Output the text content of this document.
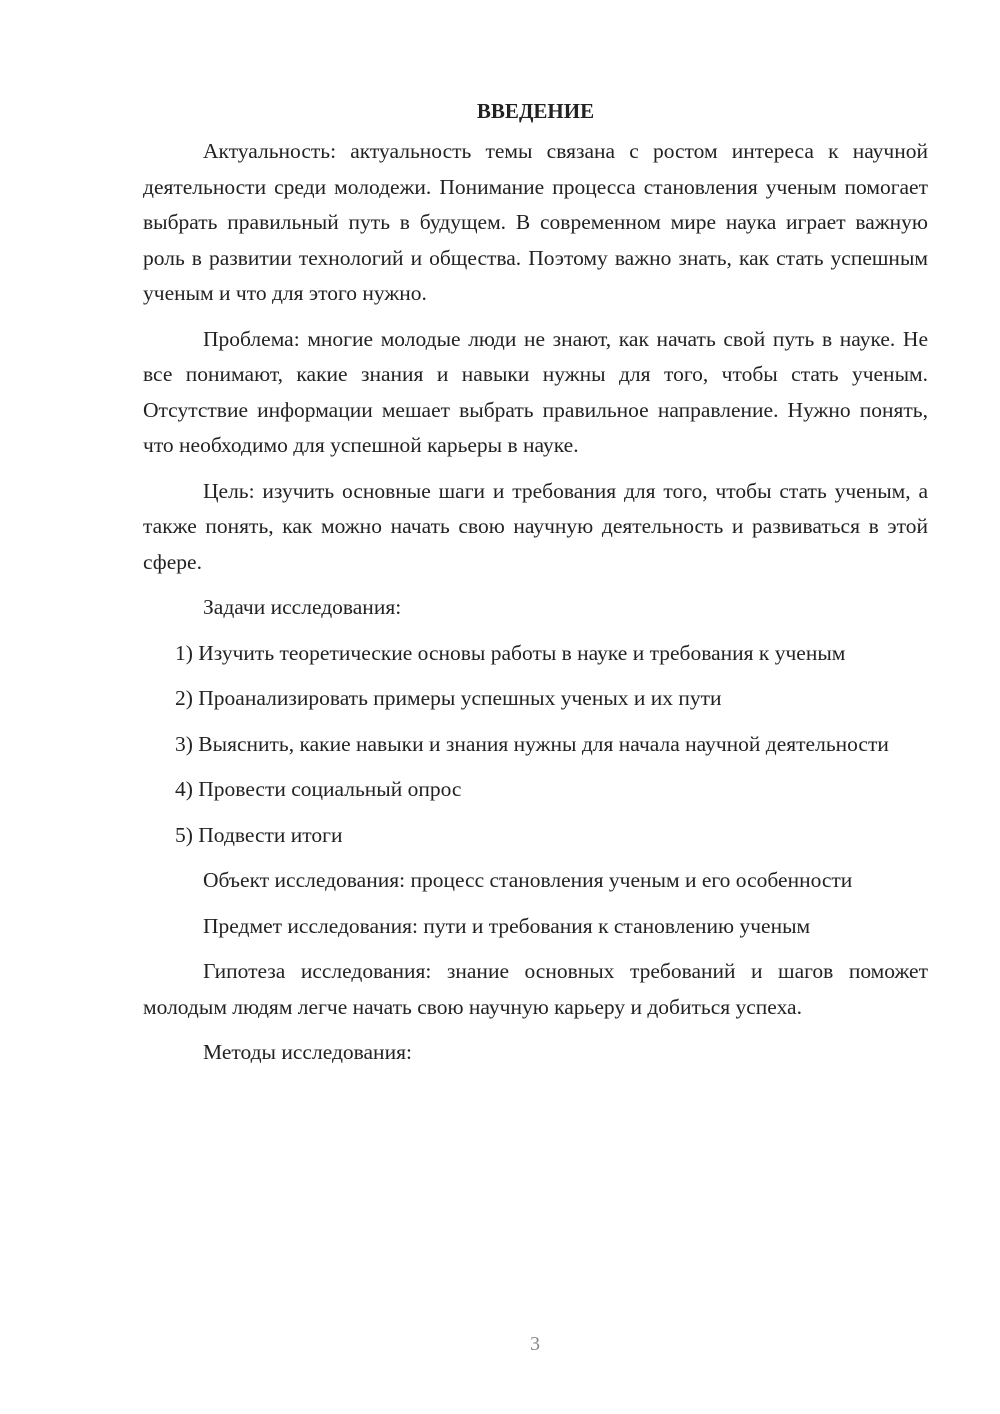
ВВЕДЕНИЕ

Актуальность: актуальность темы связана с ростом интереса к научной деятельности среди молодежи. Понимание процесса становления ученым помогает выбрать правильный путь в будущем. В современном мире наука играет важную роль в развитии технологий и общества. Поэтому важно знать, как стать успешным ученым и что для этого нужно.

Проблема: многие молодые люди не знают, как начать свой путь в науке. Не все понимают, какие знания и навыки нужны для того, чтобы стать ученым. Отсутствие информации мешает выбрать правильное направление. Нужно понять, что необходимо для успешной карьеры в науке.

Цель: изучить основные шаги и требования для того, чтобы стать ученым, а также понять, как можно начать свою научную деятельность и развиваться в этой сфере.

Задачи исследования:

1) Изучить теоретические основы работы в науке и требования к ученым

2) Проанализировать примеры успешных ученых и их пути

3) Выяснить, какие навыки и знания нужны для начала научной деятельности

4) Провести социальный опрос

5) Подвести итоги

Объект исследования: процесс становления ученым и его особенности

Предмет исследования: пути и требования к становлению ученым

Гипотеза исследования: знание основных требований и шагов поможет молодым людям легче начать свою научную карьеру и добиться успеха.

Методы исследования:

3
